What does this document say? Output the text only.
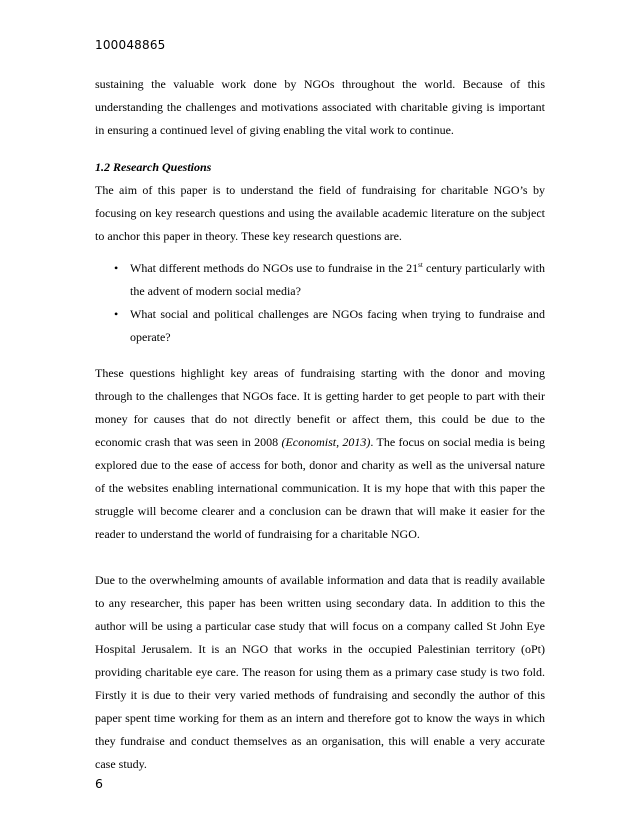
100048865

sustaining the valuable work done by NGOs throughout the world. Because of this understanding the challenges and motivations associated with charitable giving is important in ensuring a continued level of giving enabling the vital work to continue.

1.2 Research Questions

The aim of this paper is to understand the field of fundraising for charitable NGO’s by focusing on key research questions and using the available academic literature on the subject to anchor this paper in theory. These key research questions are.

• What different methods do NGOs use to fundraise in the 21st century particularly with the advent of modern social media?
• What social and political challenges are NGOs facing when trying to fundraise and operate?

These questions highlight key areas of fundraising starting with the donor and moving through to the challenges that NGOs face. It is getting harder to get people to part with their money for causes that do not directly benefit or affect them, this could be due to the economic crash that was seen in 2008 (Economist, 2013). The focus on social media is being explored due to the ease of access for both, donor and charity as well as the universal nature of the websites enabling international communication. It is my hope that with this paper the struggle will become clearer and a conclusion can be drawn that will make it easier for the reader to understand the world of fundraising for a charitable NGO.

Due to the overwhelming amounts of available information and data that is readily available to any researcher, this paper has been written using secondary data. In addition to this the author will be using a particular case study that will focus on a company called St John Eye Hospital Jerusalem. It is an NGO that works in the occupied Palestinian territory (oPt) providing charitable eye care. The reason for using them as a primary case study is two fold. Firstly it is due to their very varied methods of fundraising and secondly the author of this paper spent time working for them as an intern and therefore got to know the ways in which they fundraise and conduct themselves as an organisation, this will enable a very accurate case study.

6
